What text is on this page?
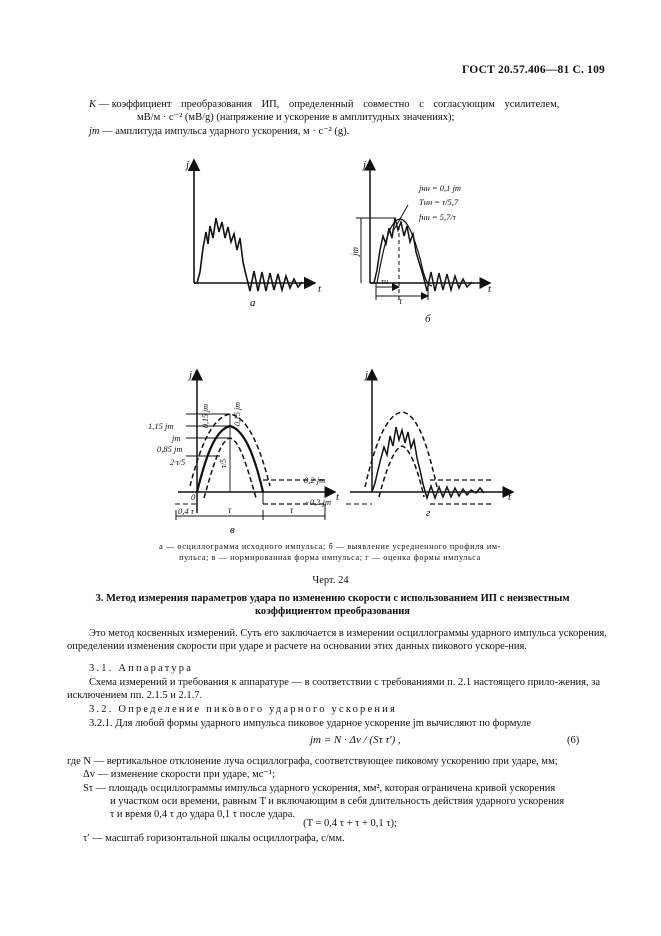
ГОСТ 20.57.406—81 С. 109
K — коэффициент преобразования ИП, определенный совместно с согласующим усилителем,
мВ/м · с⁻² (мВ/g) (напряжение и ускорение в амплитудных значениях);
jm — амплитуда импульса ударного ускорения, м · с⁻² (g).
j
t
а
j
t
jm
jнн = 0,1 jm
Tнн = τ/5,7
fнн = 5,7/τ
τи
τ
б
j
t
1,15 jm
jm
0,85 jm
2·τ/5
0,15 jm	0,15 jm
τ/5
0,2 jm
−0,2 jm
0
0,4 τ	τ	τ
в
j
t
г
а — осциллограмма исходного импульса; б — выявление усредненного профиля им-
пульса; в — нормированная форма импульса; г — оценка формы импульса
Черт. 24
3. Метод измерения параметров удара по изменению скорости с использованием ИП с неизвестным
коэффициентом преобразования
Это метод косвенных измерений. Суть его заключается в измерении осциллограммы ударного импульса ускорения, определении изменения скорости при ударе и расчете на основании этих данных пикового ускоре-ния.
3.1. Аппаратура
Схема измерений и требования к аппаратуре — в соответствии с требованиями п. 2.1 настоящего прило-жения, за исключением пп. 2.1.5 и 2.1.7.
3.2. Определение пикового ударного ускорения
3.2.1. Для любой формы ударного импульса пиковое ударное ускорение jm вычисляют по формуле
jm = N · Δv / (Sτ τ′) ,	(6)
где N — вертикальное отклонение луча осциллографа, соответствующее пиковому ускорению при ударе, мм;
Δv — изменение скорости при ударе, мс⁻¹;
Sτ — площадь осциллограммы импульса ударного ускорения, мм², которая ограничена кривой ускорения
и участком оси времени, равным T и включающим в себя длительность действия ударного ускорения
τ и время 0,4 τ до удара 0,1 τ после удара.
(T = 0,4 τ + τ + 0,1 τ);
τ′ — масштаб горизонтальной шкалы осциллографа, с/мм.
